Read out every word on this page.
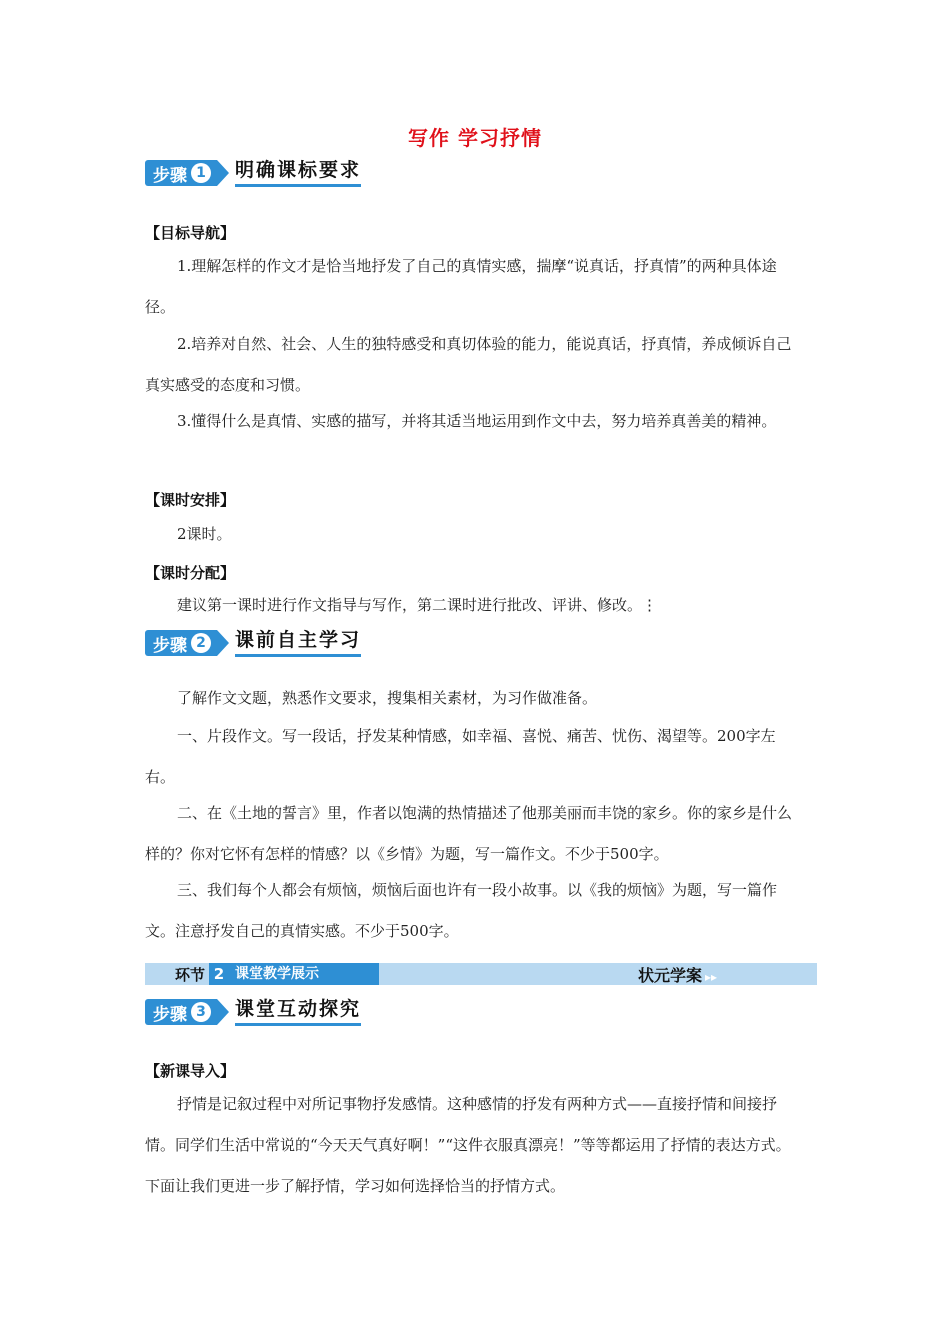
写作 学习抒情
步骤 1 明确课标要求
【目标导航】

1.理解怎样的作文才是恰当地抒发了自己的真情实感，揣摩“说真话，抒真情”的两种具体途径。

2.培养对自然、社会、人生的独特感受和真切体验的能力，能说真话，抒真情，养成倾诉自己真实感受的态度和习惯。

3.懂得什么是真情、实感的描写，并将其适当地运用到作文中去，努力培养真善美的精神。

【课时安排】

2课时。

【课时分配】

建议第一课时进行作文指导与写作，第二课时进行批改、评讲、修改。⋮

步骤 2 课前自主学习

了解作文文题，熟悉作文要求，搜集相关素材，为习作做准备。

一、片段作文。写一段话，抒发某种情感，如幸福、喜悦、痛苦、忧伤、渴望等。200字左右。

二、在《土地的誓言》里，作者以饱满的热情描述了他那美丽而丰饶的家乡。你的家乡是什么样的？你对它怀有怎样的情感？以《乡情》为题，写一篇作文。不少于500字。

三、我们每个人都会有烦恼，烦恼后面也许有一段小故事。以《我的烦恼》为题，写一篇作文。注意抒发自己的真情实感。不少于500字。

环节 2 课堂教学展示	状元学案 ▸▸
步骤 3 课堂互动探究
【新课导入】

抒情是记叙过程中对所记事物抒发感情。这种感情的抒发有两种方式——直接抒情和间接抒情。同学们生活中常说的“今天天气真好啊！”“这件衣服真漂亮！”等等都运用了抒情的表达方式。下面让我们更进一步了解抒情，学习如何选择恰当的抒情方式。
